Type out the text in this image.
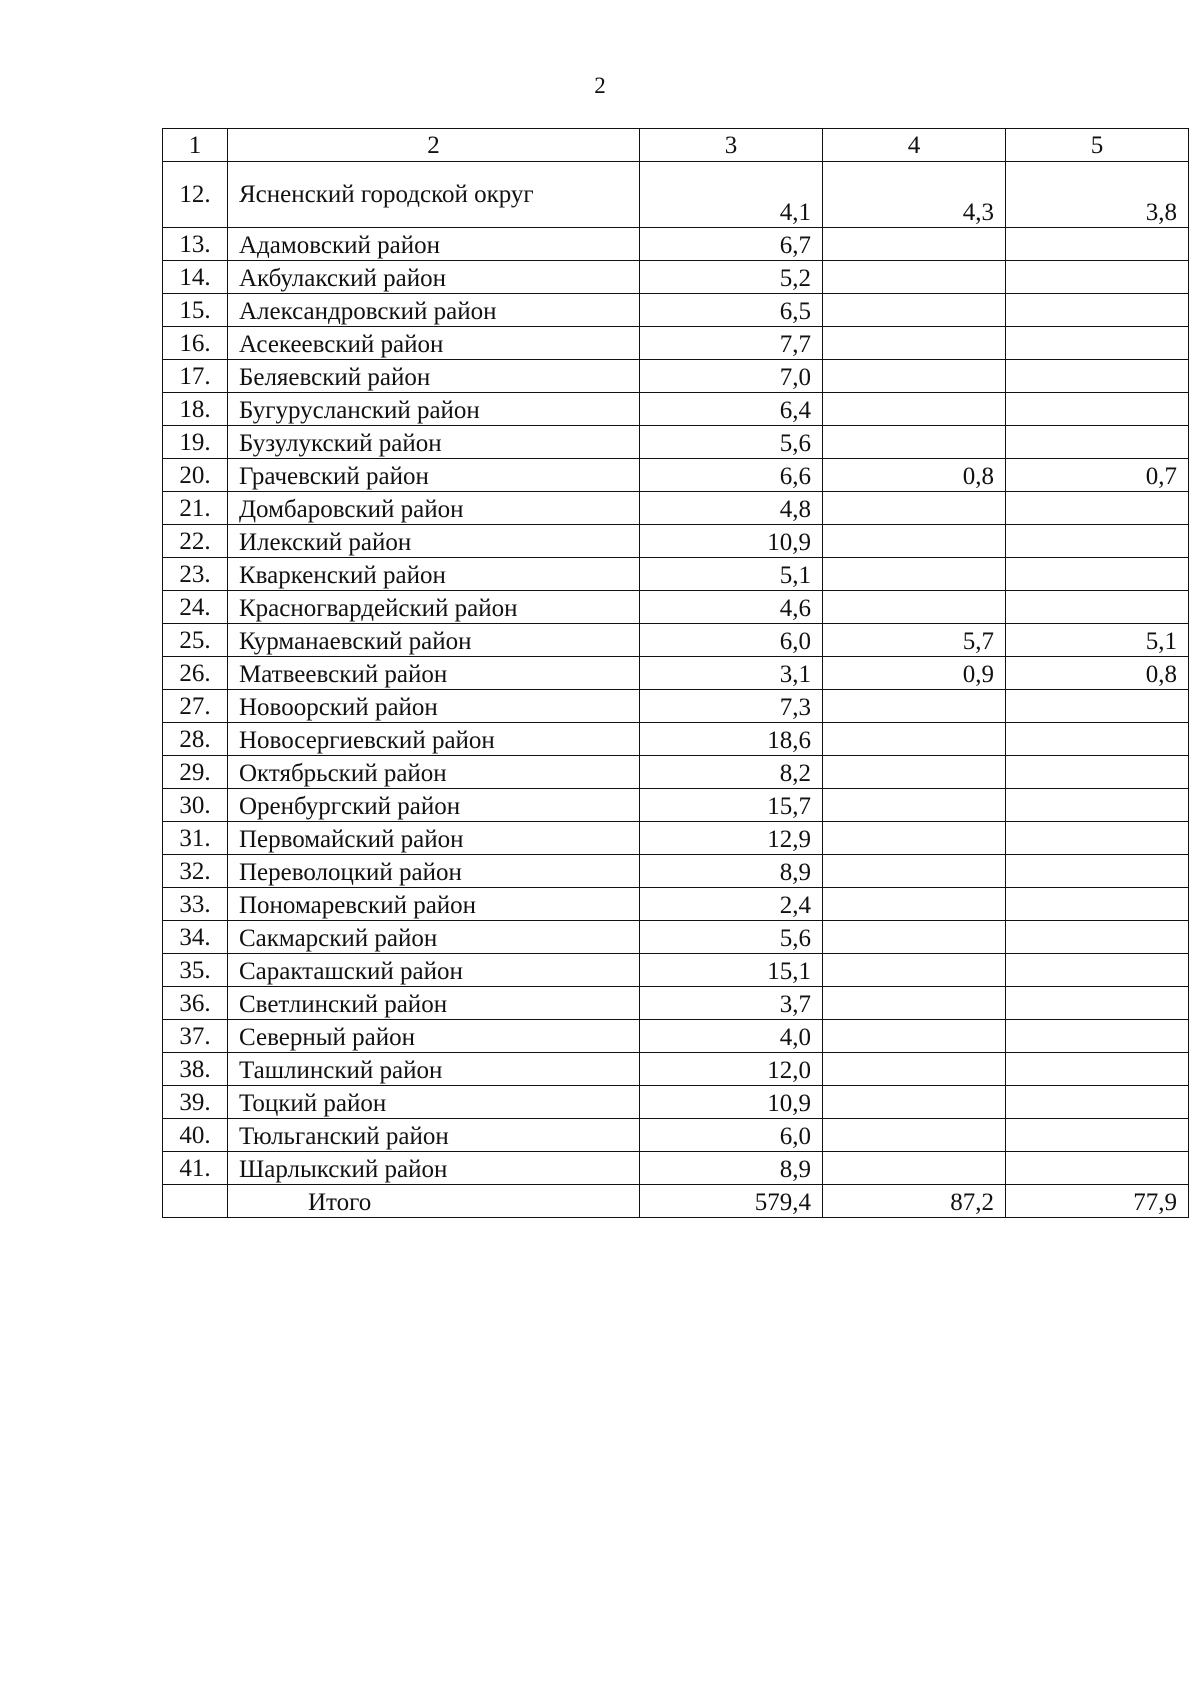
2
1	2	3	4	5
12.	Ясненский городской округ	4,1	4,3	3,8
13.	Адамовский район	6,7		
14.	Акбулакский район	5,2		
15.	Александровский район	6,5		
16.	Асекеевский район	7,7		
17.	Беляевский район	7,0		
18.	Бугурусланский район	6,4		
19.	Бузулукский район	5,6		
20.	Грачевский район	6,6	0,8	0,7
21.	Домбаровский район	4,8		
22.	Илекский район	10,9		
23.	Кваркенский район	5,1		
24.	Красногвардейский район	4,6		
25.	Курманаевский район	6,0	5,7	5,1
26.	Матвеевский район	3,1	0,9	0,8
27.	Новоорский район	7,3		
28.	Новосергиевский район	18,6		
29.	Октябрьский район	8,2		
30.	Оренбургский район	15,7		
31.	Первомайский район	12,9		
32.	Переволоцкий район	8,9		
33.	Пономаревский район	2,4		
34.	Сакмарский район	5,6		
35.	Саракташский район	15,1		
36.	Светлинский район	3,7		
37.	Северный район	4,0		
38.	Ташлинский район	12,0		
39.	Тоцкий район	10,9		
40.	Тюльганский район	6,0		
41.	Шарлыкский район	8,9		
	Итого	579,4	87,2	77,9
